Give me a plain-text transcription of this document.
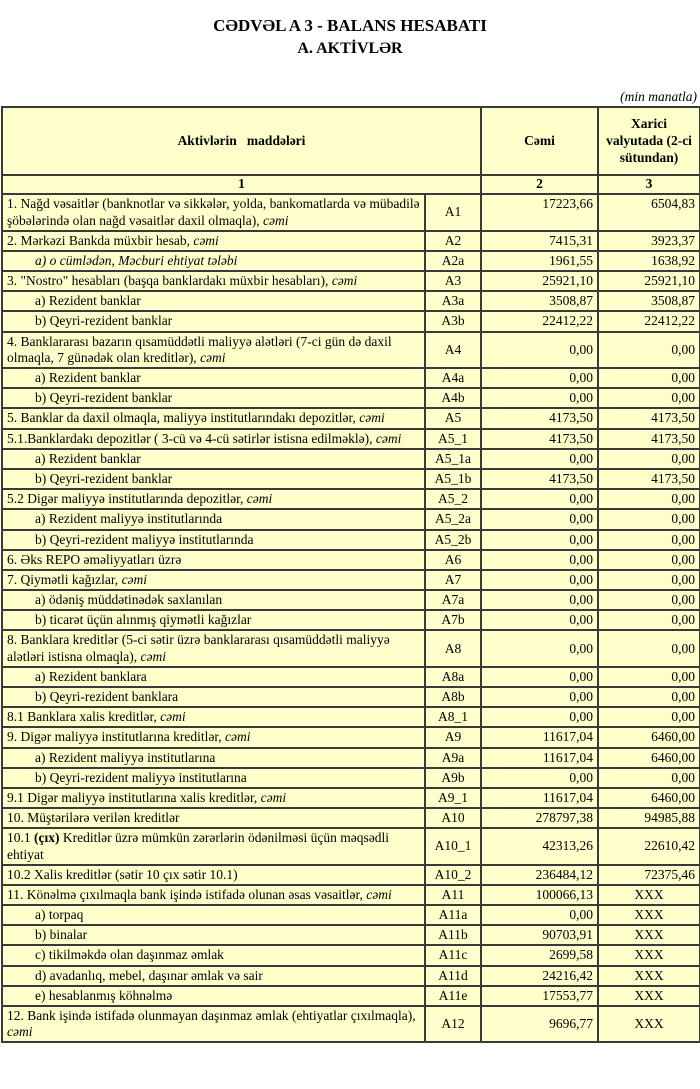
CƏDVƏL A 3 - BALANS HESABATI
A. AKTİVLƏR
(min manatla)
Aktivlərin   maddələri		Cəmi	Xarici valyutada (2-ci sütundan)
1		2	3
1. Nağd vəsaitlər (banknotlar və sikkələr, yolda, bankomatlarda və mübadilə şöbələrində olan nağd vəsaitlər daxil olmaqla), cəmi	A1	17223,66	6504,83
2. Mərkəzi Bankda müxbir hesab, cəmi	A2	7415,31	3923,37
a) o cümlədən, Məcburi ehtiyat tələbi	A2a	1961,55	1638,92
3. "Nostro" hesabları (başqa banklardakı müxbir hesabları), cəmi	A3	25921,10	25921,10
a) Rezident banklar	A3a	3508,87	3508,87
b) Qeyri-rezident banklar	A3b	22412,22	22412,22
4. Banklararası bazarın qısamüddətli maliyyə alətləri (7-ci gün də daxil olmaqla, 7 günədək olan kreditlər), cəmi	A4	0,00	0,00
a) Rezident banklar	A4a	0,00	0,00
b) Qeyri-rezident banklar	A4b	0,00	0,00
5. Banklar da daxil olmaqla, maliyyə institutlarındakı depozitlər, cəmi	A5	4173,50	4173,50
5.1.Banklardakı depozitlər ( 3-cü və 4-cü sətirlər istisna edilməklə), cəmi	A5_1	4173,50	4173,50
a) Rezident banklar	A5_1a	0,00	0,00
b) Qeyri-rezident banklar	A5_1b	4173,50	4173,50
5.2 Digər maliyyə institutlarında depozitlər, cəmi	A5_2	0,00	0,00
a) Rezident maliyyə institutlarında	A5_2a	0,00	0,00
b) Qeyri-rezident maliyyə institutlarında	A5_2b	0,00	0,00
6. Əks REPO əməliyyatları üzrə	A6	0,00	0,00
7. Qiymətli kağızlar, cəmi	A7	0,00	0,00
a) ödəniş müddətinədək saxlanılan	A7a	0,00	0,00
b) ticarət üçün alınmış qiymətli kağızlar	A7b	0,00	0,00
8. Banklara kreditlər (5-ci sətir üzrə banklararası qısamüddətli maliyyə alətləri istisna olmaqla), cəmi	A8	0,00	0,00
a) Rezident banklara	A8a	0,00	0,00
b) Qeyri-rezident banklara	A8b	0,00	0,00
8.1 Banklara xalis kreditlər, cəmi	A8_1	0,00	0,00
9. Digər maliyyə institutlarına kreditlər, cəmi	A9	11617,04	6460,00
a) Rezident maliyyə institutlarına	A9a	11617,04	6460,00
b) Qeyri-rezident maliyyə institutlarına	A9b	0,00	0,00
9.1 Digər maliyyə institutlarına xalis kreditlər, cəmi	A9_1	11617,04	6460,00
10. Müştərilərə verilən kreditlər	A10	278797,38	94985,88
10.1 (çıx) Kreditlər üzrə mümkün zərərlərin ödənilməsi üçün məqsədli ehtiyat	A10_1	42313,26	22610,42
10.2 Xalis kreditlər (sətir 10 çıx sətir 10.1)	A10_2	236484,12	72375,46
11. Könəlmə çıxılmaqla bank işində istifadə olunan əsas vəsaitlər, cəmi	A11	100066,13	XXX
a) torpaq	A11a	0,00	XXX
b) binalar	A11b	90703,91	XXX
c) tikilməkdə olan daşınmaz əmlak	A11c	2699,58	XXX
d) avadanlıq, mebel, daşınar əmlak və sair	A11d	24216,42	XXX
e) hesablanmış köhnəlmə	A11e	17553,77	XXX
12. Bank işində istifadə olunmayan daşınmaz əmlak (ehtiyatlar çıxılmaqla), cəmi	A12	9696,77	XXX
